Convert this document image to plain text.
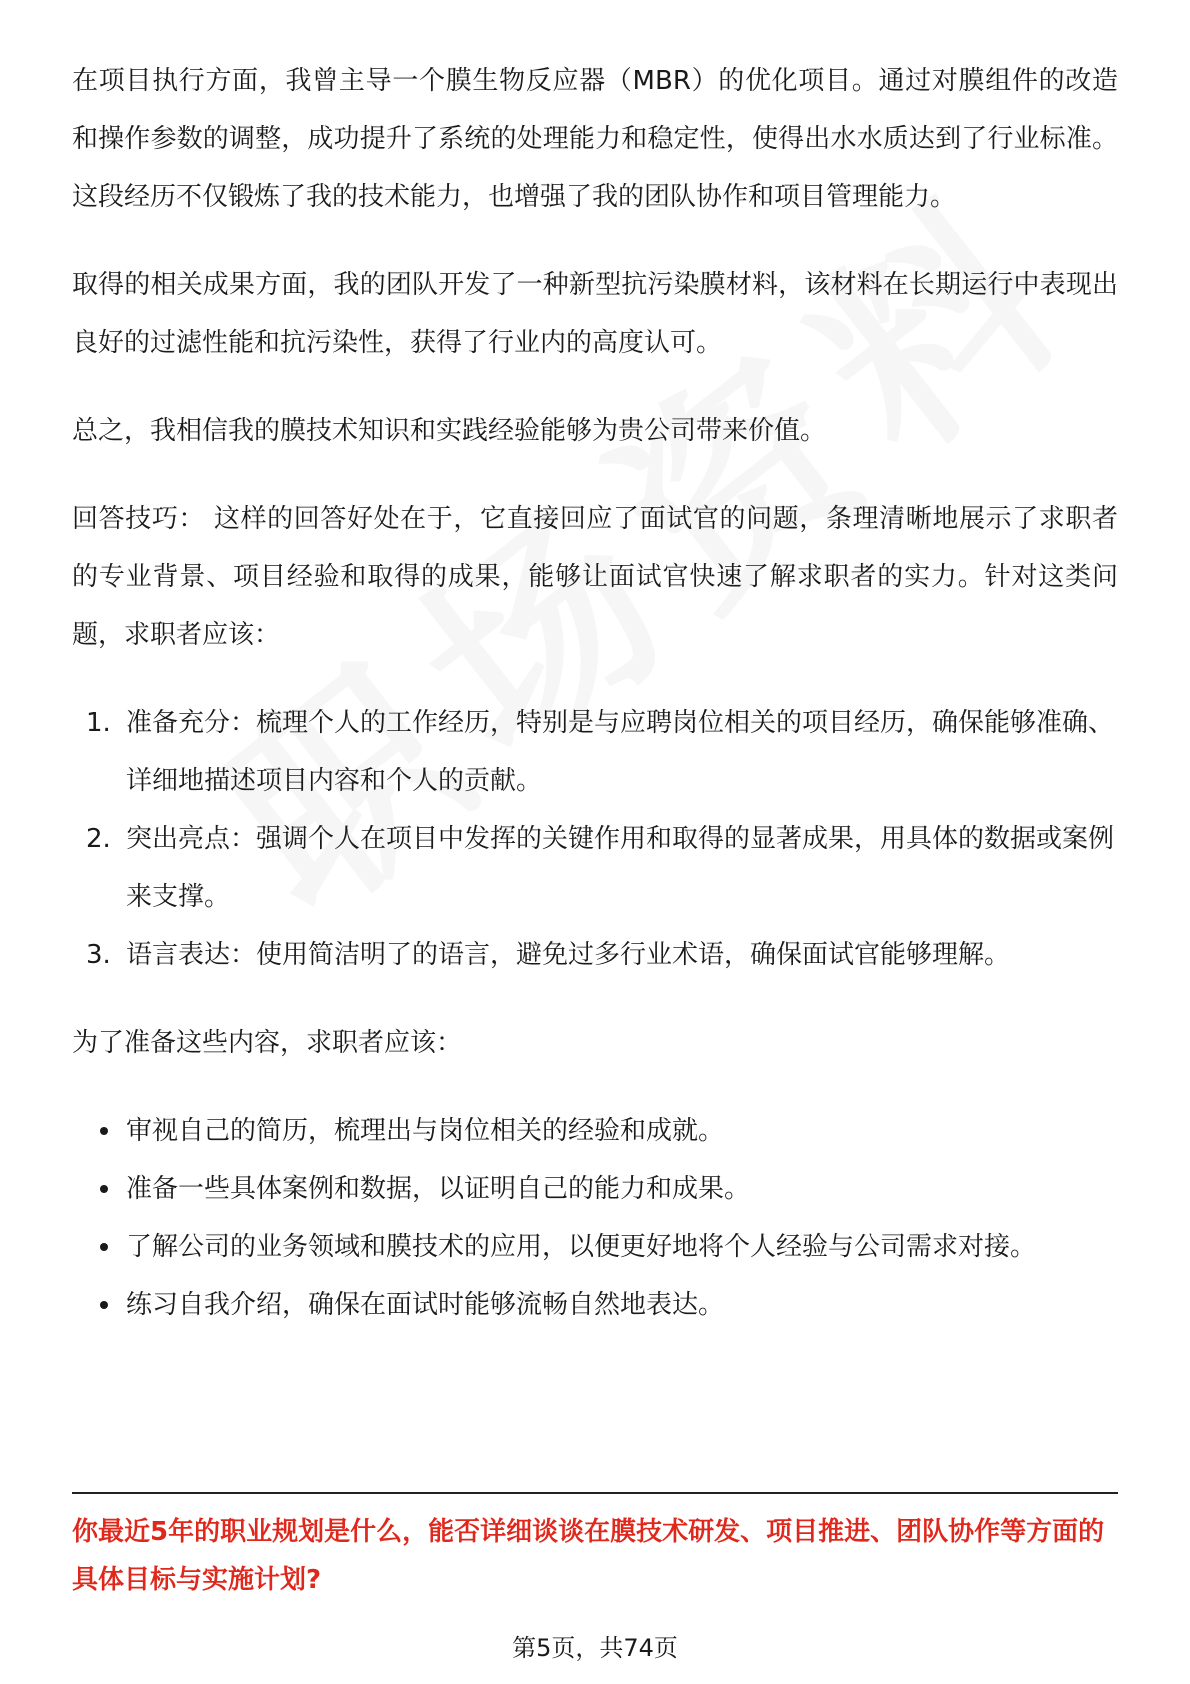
在项目执行方面，我曾主导一个膜生物反应器（MBR）的优化项目。通过对膜组件的改造和操作参数的调整，成功提升了系统的处理能力和稳定性，使得出水水质达到了行业标准。这段经历不仅锻炼了我的技术能力，也增强了我的团队协作和项目管理能力。

取得的相关成果方面，我的团队开发了一种新型抗污染膜材料，该材料在长期运行中表现出良好的过滤性能和抗污染性，获得了行业内的高度认可。

总之，我相信我的膜技术知识和实践经验能够为贵公司带来价值。

回答技巧： 这样的回答好处在于，它直接回应了面试官的问题，条理清晰地展示了求职者的专业背景、项目经验和取得的成果，能够让面试官快速了解求职者的实力。针对这类问题，求职者应该：

1. 准备充分：梳理个人的工作经历，特别是与应聘岗位相关的项目经历，确保能够准确、详细地描述项目内容和个人的贡献。
2. 突出亮点：强调个人在项目中发挥的关键作用和取得的显著成果，用具体的数据或案例来支撑。
3. 语言表达：使用简洁明了的语言，避免过多行业术语，确保面试官能够理解。

为了准备这些内容，求职者应该：

审视自己的简历，梳理出与岗位相关的经验和成就。
准备一些具体案例和数据，以证明自己的能力和成果。
了解公司的业务领域和膜技术的应用，以便更好地将个人经验与公司需求对接。
练习自我介绍，确保在面试时能够流畅自然地表达。
你最近5年的职业规划是什么，能否详细谈谈在膜技术研发、项目推进、团队协作等方面的具体目标与实施计划?
第5页，共74页
